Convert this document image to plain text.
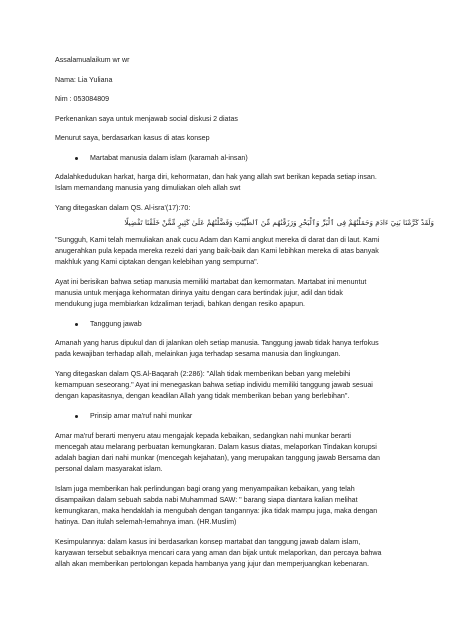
Assalamualaikum wr wr

Nama: Lia Yuliana

Nim : 053084809

Perkenankan saya untuk menjawab social diskusi 2 diatas

Menurut saya, berdasarkan kasus di atas konsep

Martabat manusia dalam islam (karamah al-insan)
Adalahkedudukan harkat, harga diri, kehormatan, dan hak yang allah swt berikan kepada setiap insan.
Islam memandang manusia yang dimuliakan oleh allah swt

Yang ditegaskan dalam QS. Al-isra'(17):70:

وَلَقَدْ كَرَّمْنَا بَنِيٓ ءَادَمَ وَحَمَلْنَٰهُمْ فِى ٱلْبَرِّ وَٱلْبَحْرِ وَرَزَقْنَٰهُم مِّنَ ٱلطَّيِّبَٰتِ وَفَضَّلْنَٰهُمْ عَلَىٰ كَثِيرٍ مِّمَّنْ خَلَقْنَا تَفْضِيلًا

"Sungguh, Kami telah memuliakan anak cucu Adam dan Kami angkut mereka di darat dan di laut. Kami
anugerahkan pula kepada mereka rezeki dari yang baik-baik dan Kami lebihkan mereka di atas banyak
makhluk yang Kami ciptakan dengan kelebihan yang sempurna".
Ayat ini berisikan bahwa setiap manusia memiliki martabat dan kemormatan. Martabat ini menuntut
manusia untuk menjaga kehormatan dirinya yaitu dengan cara bertindak jujur, adil dan tidak
mendukung juga membiarkan kdzaliman terjadi, bahkan dengan resiko apapun.
Tanggung jawab
Amanah yang harus dipukul dan di jalankan oleh setiap manusia. Tanggung jawab tidak hanya terfokus
pada kewajiban terhadap allah, melainkan juga terhadap sesama manusia dan lingkungan.
Yang ditegaskan dalam QS.Al-Baqarah (2:286): "Allah tidak memberikan beban yang melebihi
kemampuan seseorang." Ayat ini menegaskan bahwa setiap individu memiliki tanggung jawab sesuai
dengan kapasitasnya, dengan keadilan Allah yang tidak memberikan beban yang berlebihan".
Prinsip amar ma'ruf nahi munkar
Amar ma'ruf berarti menyeru atau mengajak kepada kebaikan, sedangkan nahi munkar berarti
mencegah atau melarang perbuatan kemungkaran. Dalam kasus diatas, melaporkan Tindakan korupsi
adalah bagian dari nahi munkar (mencegah kejahatan), yang merupakan tanggung jawab Bersama dan
personal dalam masyarakat islam.
Islam juga memberikan hak perlindungan bagi orang yang menyampaikan kebaikan, yang telah
disampaikan dalam sebuah sabda nabi Muhammad SAW: " barang siapa diantara kalian melihat
kemungkaran, maka hendaklah ia mengubah dengan tangannya: jika tidak mampu juga, maka dengan
hatinya. Dan itulah selemah-lemahnya iman. (HR.Muslim)
Kesimpulannya: dalam kasus ini berdasarkan konsep martabat dan tanggung jawab dalam islam,
karyawan tersebut sebaiknya mencari cara yang aman dan bijak untuk melaporkan, dan percaya bahwa
allah akan memberikan pertolongan kepada hambanya yang jujur dan memperjuangkan kebenaran.
